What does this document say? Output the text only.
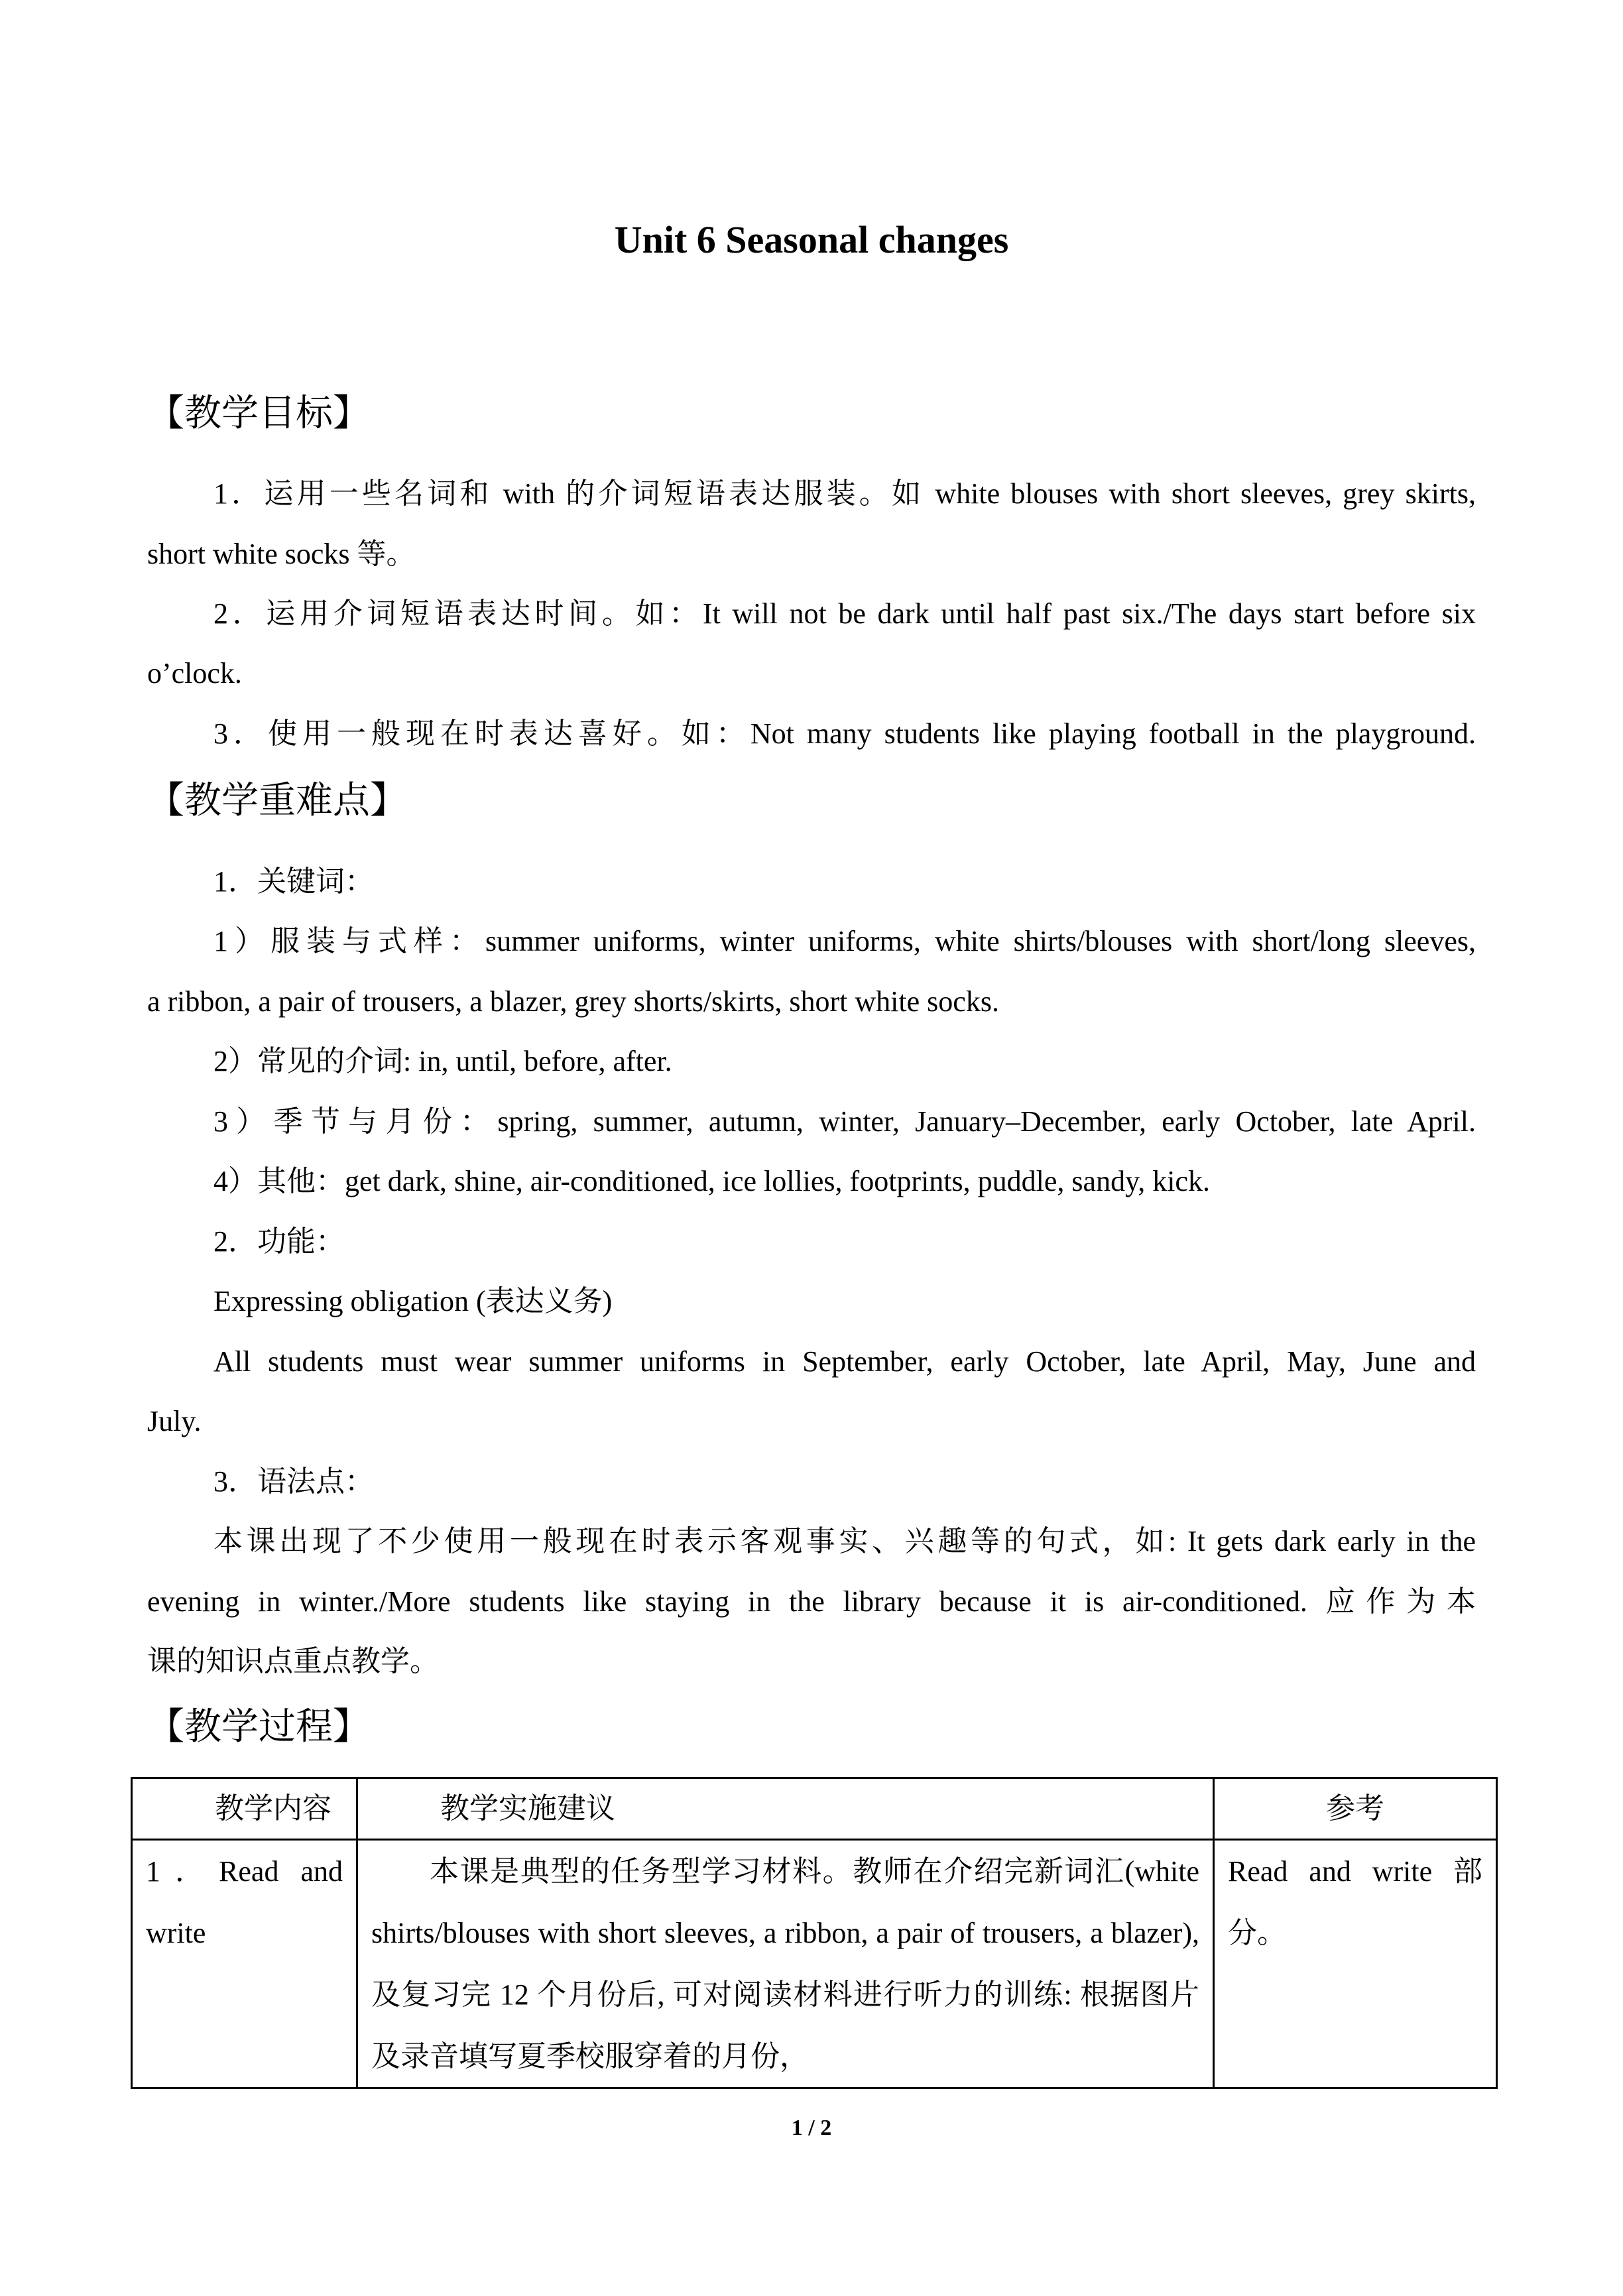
Unit 6 Seasonal changes
【教学目标】
1．运用一些名词和 with 的介词短语表达服装。如 white blouses with short sleeves, grey skirts,
short white socks 等。
2．运用介词短语表达时间。如：It will not be dark until half past six./The days start before six
o’clock.
3．使用一般现在时表达喜好。如：Not many students like playing football in the playground.
【教学重难点】
1．关键词：
1）服装与式样：summer uniforms, winter uniforms, white shirts/blouses with short/long sleeves,
a ribbon, a pair of trousers, a blazer, grey shorts/skirts, short white socks.
2）常见的介词: in, until, before, after.
3）季节与月份：spring, summer, autumn, winter, January–December, early October, late April.
4）其他：get dark, shine, air-conditioned, ice lollies, footprints, puddle, sandy, kick.
2．功能：
Expressing obligation (表达义务)
All students must wear summer uniforms in September, early October, late April, May, June and
July.
3．语法点：
本课出现了不少使用一般现在时表示客观事实、兴趣等的句式，如: It gets dark early in the
evening in winter./More students like staying in the library because it is air-conditioned. 应作为本
课的知识点重点教学。
【教学过程】
教学内容	教学实施建议	参考

1．Read and write	本课是典型的任务型学习材料。教师在介绍完新词汇(white shirts/blouses with short sleeves, a ribbon, a pair of trousers, a blazer), 及复习完 12 个月份后, 可对阅读材料进行听力的训练: 根据图片及录音填写夏季校服穿着的月份，	Read and write 部分。
1 / 2
